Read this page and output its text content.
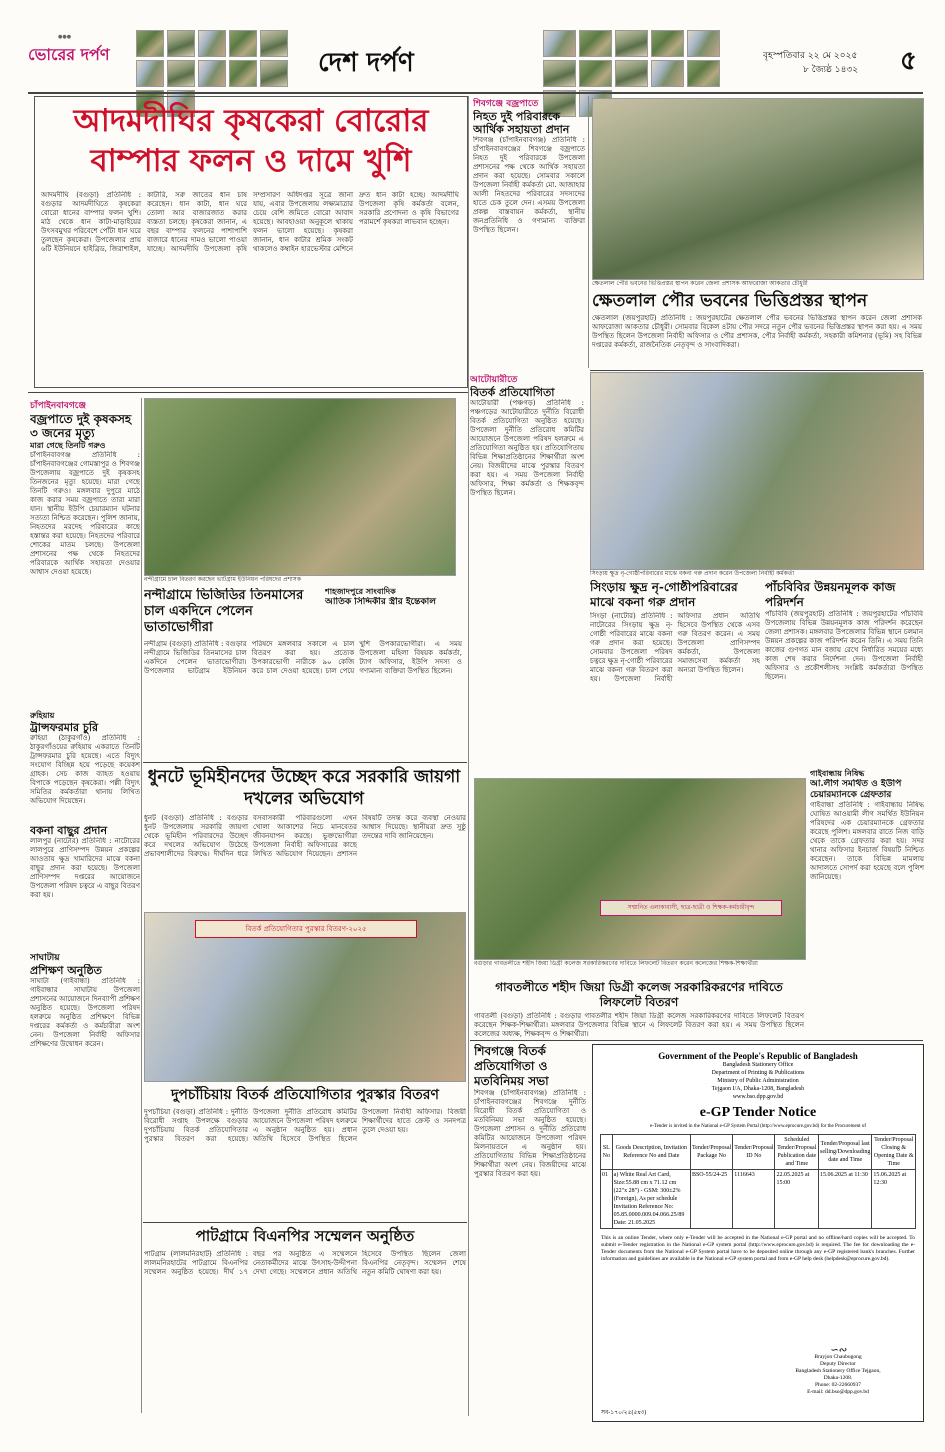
●●●
ভোরের দর্পণ	দেশ দর্পণ	বৃহস্পতিবার ২২ মে ২০২৫
৮ জ্যৈষ্ঠ ১৪৩২ ৫
আদমদীঘির কৃষকেরা বোরোর
বাম্পার ফলন ও দামে খুশি
আদমদীঘি (বগুড়া) প্রতিনিধি : বগুড়ার আদমদীঘিতে কৃষকেরা বোরো ধানের বাম্পার ফলন খুশি। মাঠ থেকে ধান কাটা-মাড়াইয়ের উৎসবমুখর পরিবেশে পোঁটা ধান ঘরে তুলছেন কৃষকেরা। উপজেলার প্রায় ৬টি ইউনিয়নে হাইব্রিড, জিরাশাইল, কাটারি, সরু জাতের ধান চাষ করেছেন। ধান কাটা, ধান ঘরে তোলা আর বাজারজাত করার ব্যস্ততা চলছে। কৃষকেরা জানান, এ বছর বাম্পার ফলনের পাশাপাশি বাজারে ধানের দামও ভালো পাওয়া যাচ্ছে। আদমদীঘি উপজেলা কৃষি সম্প্রসারণ অধিদপ্তর সূত্রে জানা যায়, এবার উপজেলায় লক্ষ্যমাত্রার চেয়ে বেশি জমিতে বোরো আবাদ হয়েছে। আবহাওয়া অনুকূলে থাকায় ফলন ভালো হয়েছে। কৃষকরা জানান, ধান কাটার শ্রমিক সংকট থাকলেও কম্বাইন হারভেস্টার মেশিনে দ্রুত ধান কাটা হচ্ছে। আদমদীঘি উপজেলা কৃষি কর্মকর্তা বলেন, সরকারি প্রণোদনা ও কৃষি বিভাগের পরামর্শে কৃষকরা লাভবান হচ্ছেন।
শিবগঞ্জে বজ্রপাতে
নিহত দুই পরিবারকে আর্থিক সহায়তা প্রদান
শিবগঞ্জ (চাঁপাইনবাবগঞ্জ) প্রতিনিধি : চাঁপাইনবাবগঞ্জের শিবগঞ্জে বজ্রপাতে নিহত দুই পরিবারকে উপজেলা প্রশাসনের পক্ষ থেকে আর্থিক সহায়তা প্রদান করা হয়েছে। সোমবার সকালে উপজেলা নির্বাহী কর্মকর্তা মো. আজাহার আলী নিহতদের পরিবারের সদস্যদের হাতে চেক তুলে দেন। এসময় উপজেলা প্রকল্প বাস্তবায়ন কর্মকর্তা, স্থানীয় জনপ্রতিনিধি ও গণ্যমান্য ব্যক্তিরা উপস্থিত ছিলেন।
ক্ষেতলাল পৌর ভবনের ভিত্তিপ্রস্তর স্থাপন করেন জেলা প্রশাসক আফরোজা আকতার চৌধুরী
ক্ষেতলাল পৌর ভবনের ভিত্তিপ্রস্তর স্থাপন
ক্ষেতলাল (জয়পুরহাট) প্রতিনিধি : জয়পুরহাটের ক্ষেতলাল পৌর ভবনের ভিত্তিপ্রস্তর স্থাপন করেন জেলা প্রশাসক আফরোজা আকতার চৌধুরী। সোমবার বিকেল ৪টায় পৌর সদরে নতুন পৌর ভবনের ভিত্তিপ্রস্তর স্থাপন করা হয়। এ সময় উপস্থিত ছিলেন উপজেলা নির্বাহী অফিসার ও পৌর প্রশাসক, পৌর নির্বাহী কর্মকর্তা, সহকারী কমিশনার (ভূমি) সহ বিভিন্ন দপ্তরের কর্মকর্তা, রাজনৈতিক নেতৃবৃন্দ ও সাংবাদিকরা।
চাঁপাইনবাবগঞ্জে
বজ্রপাতে দুই কৃষকসহ ৩ জনের মৃত্যু
মারা গেছে তিনটি গরুও
চাঁপাইনবাবগঞ্জ প্রতিনিধি : চাঁপাইনবাবগঞ্জের গোমস্তাপুর ও শিবগঞ্জ উপজেলায় বজ্রপাতে দুই কৃষকসহ তিনজনের মৃত্যু হয়েছে। মারা গেছে তিনটি গরুও। মঙ্গলবার দুপুরে মাঠে কাজ করার সময় বজ্রপাতে তারা মারা যান। স্থানীয় ইউপি চেয়ারম্যান ঘটনার সত্যতা নিশ্চিত করেছেন। পুলিশ জানায়, নিহতদের মরদেহ পরিবারের কাছে হস্তান্তর করা হয়েছে। নিহতদের পরিবারে শোকের মাতম চলছে। উপজেলা প্রশাসনের পক্ষ থেকে নিহতদের পরিবারকে আর্থিক সহায়তা দেওয়ার আশ্বাস দেওয়া হয়েছে।
নন্দীগ্রামে চাল বিতরণ করছেন ভাটগ্রাম ইউনিয়ন পরিষদের প্রশাসক
নন্দীগ্রামে ভিজিডির তিনমাসের চাল একদিনে পেলেন ভাতাভোগীরা
নন্দীগ্রাম (বগুড়া) প্রতিনিধি : বগুড়ার নন্দীগ্রামে ভিজিডির তিনমাসের চাল একদিনে পেলেন ভাতাভোগীরা। উপজেলার ভাটগ্রাম ইউনিয়ন পরিষদে মঙ্গলবার সকালে এ চাল বিতরণ করা হয়। প্রত্যেক উপকারভোগী নারীকে ৯০ কেজি করে চাল দেওয়া হয়েছে। চাল পেয়ে খুশি উপকারভোগীরা। এ সময় উপজেলা মহিলা বিষয়ক কর্মকর্তা, ট্যাগ অফিসার, ইউপি সদস্য ও গণ্যমান্য ব্যক্তিরা উপস্থিত ছিলেন।
আটোয়ারীতে
বিতর্ক প্রতিযোগিতা
আটোয়ারী (পঞ্চগড়) প্রতিনিধি : পঞ্চগড়ের আটোয়ারীতে দুর্নীতি বিরোধী বিতর্ক প্রতিযোগিতা অনুষ্ঠিত হয়েছে। উপজেলা দুর্নীতি প্রতিরোধ কমিটির আয়োজনে উপজেলা পরিষদ হলরুমে এ প্রতিযোগিতা অনুষ্ঠিত হয়। প্রতিযোগিতায় বিভিন্ন শিক্ষাপ্রতিষ্ঠানের শিক্ষার্থীরা অংশ নেয়। বিজয়ীদের মাঝে পুরস্কার বিতরণ করা হয়। এ সময় উপজেলা নির্বাহী অফিসার, শিক্ষা কর্মকর্তা ও শিক্ষকবৃন্দ উপস্থিত ছিলেন।
শাহজাদপুরে সাংবাদিক
আতিক সিদ্দিকীর স্ত্রীর ইন্তেকাল
সিংড়ায় ক্ষুদ্র নৃ-গোষ্ঠীপরিবারের মাঝে বকনা গরু প্রদান করেন উপজেলা নির্বাহী কর্মকর্তা
সিংড়ায় ক্ষুদ্র নৃ-গোষ্ঠীপরিবারের মাঝে বকনা গরু প্রদান
সিংড়া (নাটোর) প্রতিনিধি : নাটোরের সিংড়ায় ক্ষুদ্র নৃ-গোষ্ঠী পরিবারের মাঝে বকনা গরু প্রদান করা হয়েছে। সোমবার উপজেলা পরিষদ চত্বরে ক্ষুদ্র নৃ-গোষ্ঠী পরিবারের মাঝে বকনা গরু বিতরণ করা হয়। উপজেলা নির্বাহী অফিসার প্রধান অতিথি হিসেবে উপস্থিত থেকে এসব গরু বিতরণ করেন। এ সময় উপজেলা প্রাণিসম্পদ কর্মকর্তা, উপজেলা সমাজসেবা কর্মকর্তা সহ অন্যরা উপস্থিত ছিলেন।
পাঁচবিবির উন্নয়নমূলক কাজ পরিদর্শন
পাঁচবিবি (জয়পুরহাট) প্রতিনিধি : জয়পুরহাটের পাঁচবিবি উপজেলায় বিভিন্ন উন্নয়নমূলক কাজ পরিদর্শন করেছেন জেলা প্রশাসক। মঙ্গলবার উপজেলার বিভিন্ন স্থানে চলমান উন্নয়ন প্রকল্পের কাজ পরিদর্শন করেন তিনি। এ সময় তিনি কাজের গুণগত মান বজায় রেখে নির্ধারিত সময়ের মধ্যে কাজ শেষ করার নির্দেশনা দেন। উপজেলা নির্বাহী অফিসার ও প্রকৌশলীসহ সংশ্লিষ্ট কর্মকর্তারা উপস্থিত ছিলেন।
গাইবান্ধায় নিষিদ্ধ
আ.লীগ সমর্থিত ও ইউপি চেয়ারম্যানকে গ্রেফতার
গাইবান্ধা প্রতিনিধি : গাইবান্ধায় নিষিদ্ধ ঘোষিত আওয়ামী লীগ সমর্থিত ইউনিয়ন পরিষদের এক চেয়ারম্যানকে গ্রেফতার করেছে পুলিশ। মঙ্গলবার রাতে নিজ বাড়ি থেকে তাকে গ্রেফতার করা হয়। সদর থানার অফিসার ইনচার্জ বিষয়টি নিশ্চিত করেছেন। তাকে বিভিন্ন মামলায় আদালতে সোপর্দ করা হয়েছে বলে পুলিশ জানিয়েছে।
রুহিয়ায়
ট্রান্সফরমার চুরি
রুহিয়া (ঠাকুরগাঁও) প্রতিনিধি : ঠাকুরগাঁওয়ের রুহিয়ায় একরাতে তিনটি ট্রান্সফরমার চুরি হয়েছে। এতে বিদ্যুৎ সংযোগ বিচ্ছিন্ন হয়ে পড়েছে কয়েকশ গ্রাহক। সেচ কাজ ব্যাহত হওয়ায় বিপাকে পড়েছেন কৃষকেরা। পল্লী বিদ্যুৎ সমিতির কর্মকর্তারা থানায় লিখিত অভিযোগ দিয়েছেন।
ধুনটে ভূমিহীনদের উচ্ছেদ করে সরকারি জায়গা দখলের অভিযোগ
ধুনট (বগুড়া) প্রতিনিধি : বগুড়ার ধুনট উপজেলায় সরকারি জায়গা থেকে ভূমিহীন পরিবারদের উচ্ছেদ করে দখলের অভিযোগ উঠেছে প্রভাবশালীদের বিরুদ্ধে। দীর্ঘদিন ধরে বসবাসকারী পরিবারগুলো এখন খোলা আকাশের নিচে মানবেতর জীবনযাপন করছে। ভুক্তভোগীরা উপজেলা নির্বাহী অফিসারের কাছে লিখিত অভিযোগ দিয়েছেন। প্রশাসন বিষয়টি তদন্ত করে ব্যবস্থা নেওয়ার আশ্বাস দিয়েছে। স্থানীয়রা দ্রুত সুষ্ঠু তদন্তের দাবি জানিয়েছেন।
সম্মানিত এলাকাবাসী, ছাত্র-ছাত্রী ও শিক্ষক-কর্মচারীবৃন্দ
বগুড়ার গাবতলীতে শহীদ জিয়া ডিগ্রী কলেজ সরকারিকরণের দাবিতে লিফলেট বিতরণ করেন কলেজের শিক্ষক-শিক্ষার্থীরা
গাবতলীতে শহীদ জিয়া ডিগ্রী কলেজ সরকারিকরণের দাবিতে লিফলেট বিতরণ
গাবতলী (বগুড়া) প্রতিনিধি : বগুড়ার গাবতলীর শহীদ জিয়া ডিগ্রী কলেজ সরকারিকরণের দাবিতে লিফলেট বিতরণ করেছেন শিক্ষক-শিক্ষার্থীরা। মঙ্গলবার উপজেলার বিভিন্ন স্থানে এ লিফলেট বিতরণ করা হয়। এ সময় উপস্থিত ছিলেন কলেজের অধ্যক্ষ, শিক্ষকবৃন্দ ও শিক্ষার্থীরা।
বকনা বাছুর প্রদান
লালপুর (নাটোর) প্রতিনিধি : নাটোরের লালপুরে প্রাণিসম্পদ উন্নয়ন প্রকল্পের আওতায় ক্ষুদ্র খামারিদের মাঝে বকনা বাছুর প্রদান করা হয়েছে। উপজেলা প্রাণিসম্পদ দপ্তরের আয়োজনে উপজেলা পরিষদ চত্বরে এ বাছুর বিতরণ করা হয়।
সাঘাটায়
প্রশিক্ষণ অনুষ্ঠিত
সাঘাটা (গাইবান্ধা) প্রতিনিধি : গাইবান্ধার সাঘাটায় উপজেলা প্রশাসনের আয়োজনে দিনব্যাপী প্রশিক্ষণ অনুষ্ঠিত হয়েছে। উপজেলা পরিষদ হলরুমে অনুষ্ঠিত প্রশিক্ষণে বিভিন্ন দপ্তরের কর্মকর্তা ও কর্মচারীরা অংশ নেন। উপজেলা নির্বাহী অফিসার প্রশিক্ষণের উদ্বোধন করেন।
বিতর্ক প্রতিযোগিতার পুরস্কার বিতরণ-২০২৫
দুপচাঁচিয়ায় বিতর্ক প্রতিযোগিতার পুরস্কার বিতরণ
দুপচাঁচিয়া (বগুড়া) প্রতিনিধি : দুর্নীতি বিরোধী সপ্তাহ উপলক্ষে বগুড়ার দুপচাঁচিয়ায় বিতর্ক প্রতিযোগিতার পুরস্কার বিতরণ করা হয়েছে। উপজেলা দুর্নীতি প্রতিরোধ কমিটির আয়োজনে উপজেলা পরিষদ হলরুমে এ অনুষ্ঠান অনুষ্ঠিত হয়। প্রধান অতিথি হিসেবে উপস্থিত ছিলেন উপজেলা নির্বাহী অফিসার। বিজয়ী শিক্ষার্থীদের হাতে ক্রেস্ট ও সনদপত্র তুলে দেওয়া হয়।
পাটগ্রামে বিএনপির সম্মেলন অনুষ্ঠিত
পাটগ্রাম (লালমনিরহাট) প্রতিনিধি : লালমনিরহাটের পাটগ্রামে বিএনপির সম্মেলন অনুষ্ঠিত হয়েছে। দীর্ঘ ১৭ বছর পর অনুষ্ঠিত এ সম্মেলনে নেতাকর্মীদের মাঝে উৎসাহ-উদ্দীপনা দেখা গেছে। সম্মেলনে প্রধান অতিথি হিসেবে উপস্থিত ছিলেন জেলা বিএনপির নেতৃবৃন্দ। সম্মেলন শেষে নতুন কমিটি ঘোষণা করা হয়।
শিবগঞ্জে বিতর্ক প্রতিযোগিতা ও মতবিনিময় সভা
শিবগঞ্জ (চাঁপাইনবাবগঞ্জ) প্রতিনিধি : চাঁপাইনবাবগঞ্জের শিবগঞ্জে দুর্নীতি বিরোধী বিতর্ক প্রতিযোগিতা ও মতবিনিময় সভা অনুষ্ঠিত হয়েছে। উপজেলা প্রশাসন ও দুর্নীতি প্রতিরোধ কমিটির আয়োজনে উপজেলা পরিষদ মিলনায়তনে এ অনুষ্ঠান হয়। প্রতিযোগিতায় বিভিন্ন শিক্ষাপ্রতিষ্ঠানের শিক্ষার্থীরা অংশ নেয়। বিজয়ীদের মাঝে পুরস্কার বিতরণ করা হয়।
Government of the People's Republic of Bangladesh
Bangladesh Stationery Office
Department of Printing & Publications
Ministry of Public Administration
Tejgaon I/A, Dhaka-1208, Bangladesh
www.bso.dpp.gov.bd
e-GP Tender Notice
e-Tender is invited in the National e-GP System Portal (http://www.eprocure.gov.bd) for the Procurement of
SL No	Goods Description, Invitation Reference No and Date	Tender/Proposal Package No	Tender/Proposal ID No	Scheduled Tender/Proposal Publication date and Time	Tender/Proposal last selling/Downloading date and Time	Tender/Proposal Closing & Opening Date & Time
01	a) White Real Art Card, Size:55.88 cm x 71.12 cm (22"x 28") - GSM: 300±2% (Foreign), As per schedule Invitation Reference No: 05.85.0000.009.04.066.25/89 Date: 21.05.2025	BSO-55/24-25	1116643	22.05.2025 at 15:00	15.06.2025 at 11:30	15.06.2025 at 12:30
This is an online Tender, where only e-Tender will be accepted in the National e-GP portal and no offline/hard copies will be accepted. To submit e-Tender registration in the National e-GP system portal (http://www.eprocure.gov.bd) is required. The fee for downloading the e-Tender documents from the National e-GP System portal have to be deposited online through any e-GP registered bank's branches. Further information and guidelines are available in the National e-GP system portal and from e-GP help desk (helpdesk@eprocure.gov.bd).
∽∾
Brayjon Chaubugong
Deputy Director
Bangladesh Stationery Office Tejgaon,
Dhaka-1208.
Phone: 02-22660937
E-mail: dd.bso@dpp.gov.bd
সব-১৭০/২৫(৫x৩)
